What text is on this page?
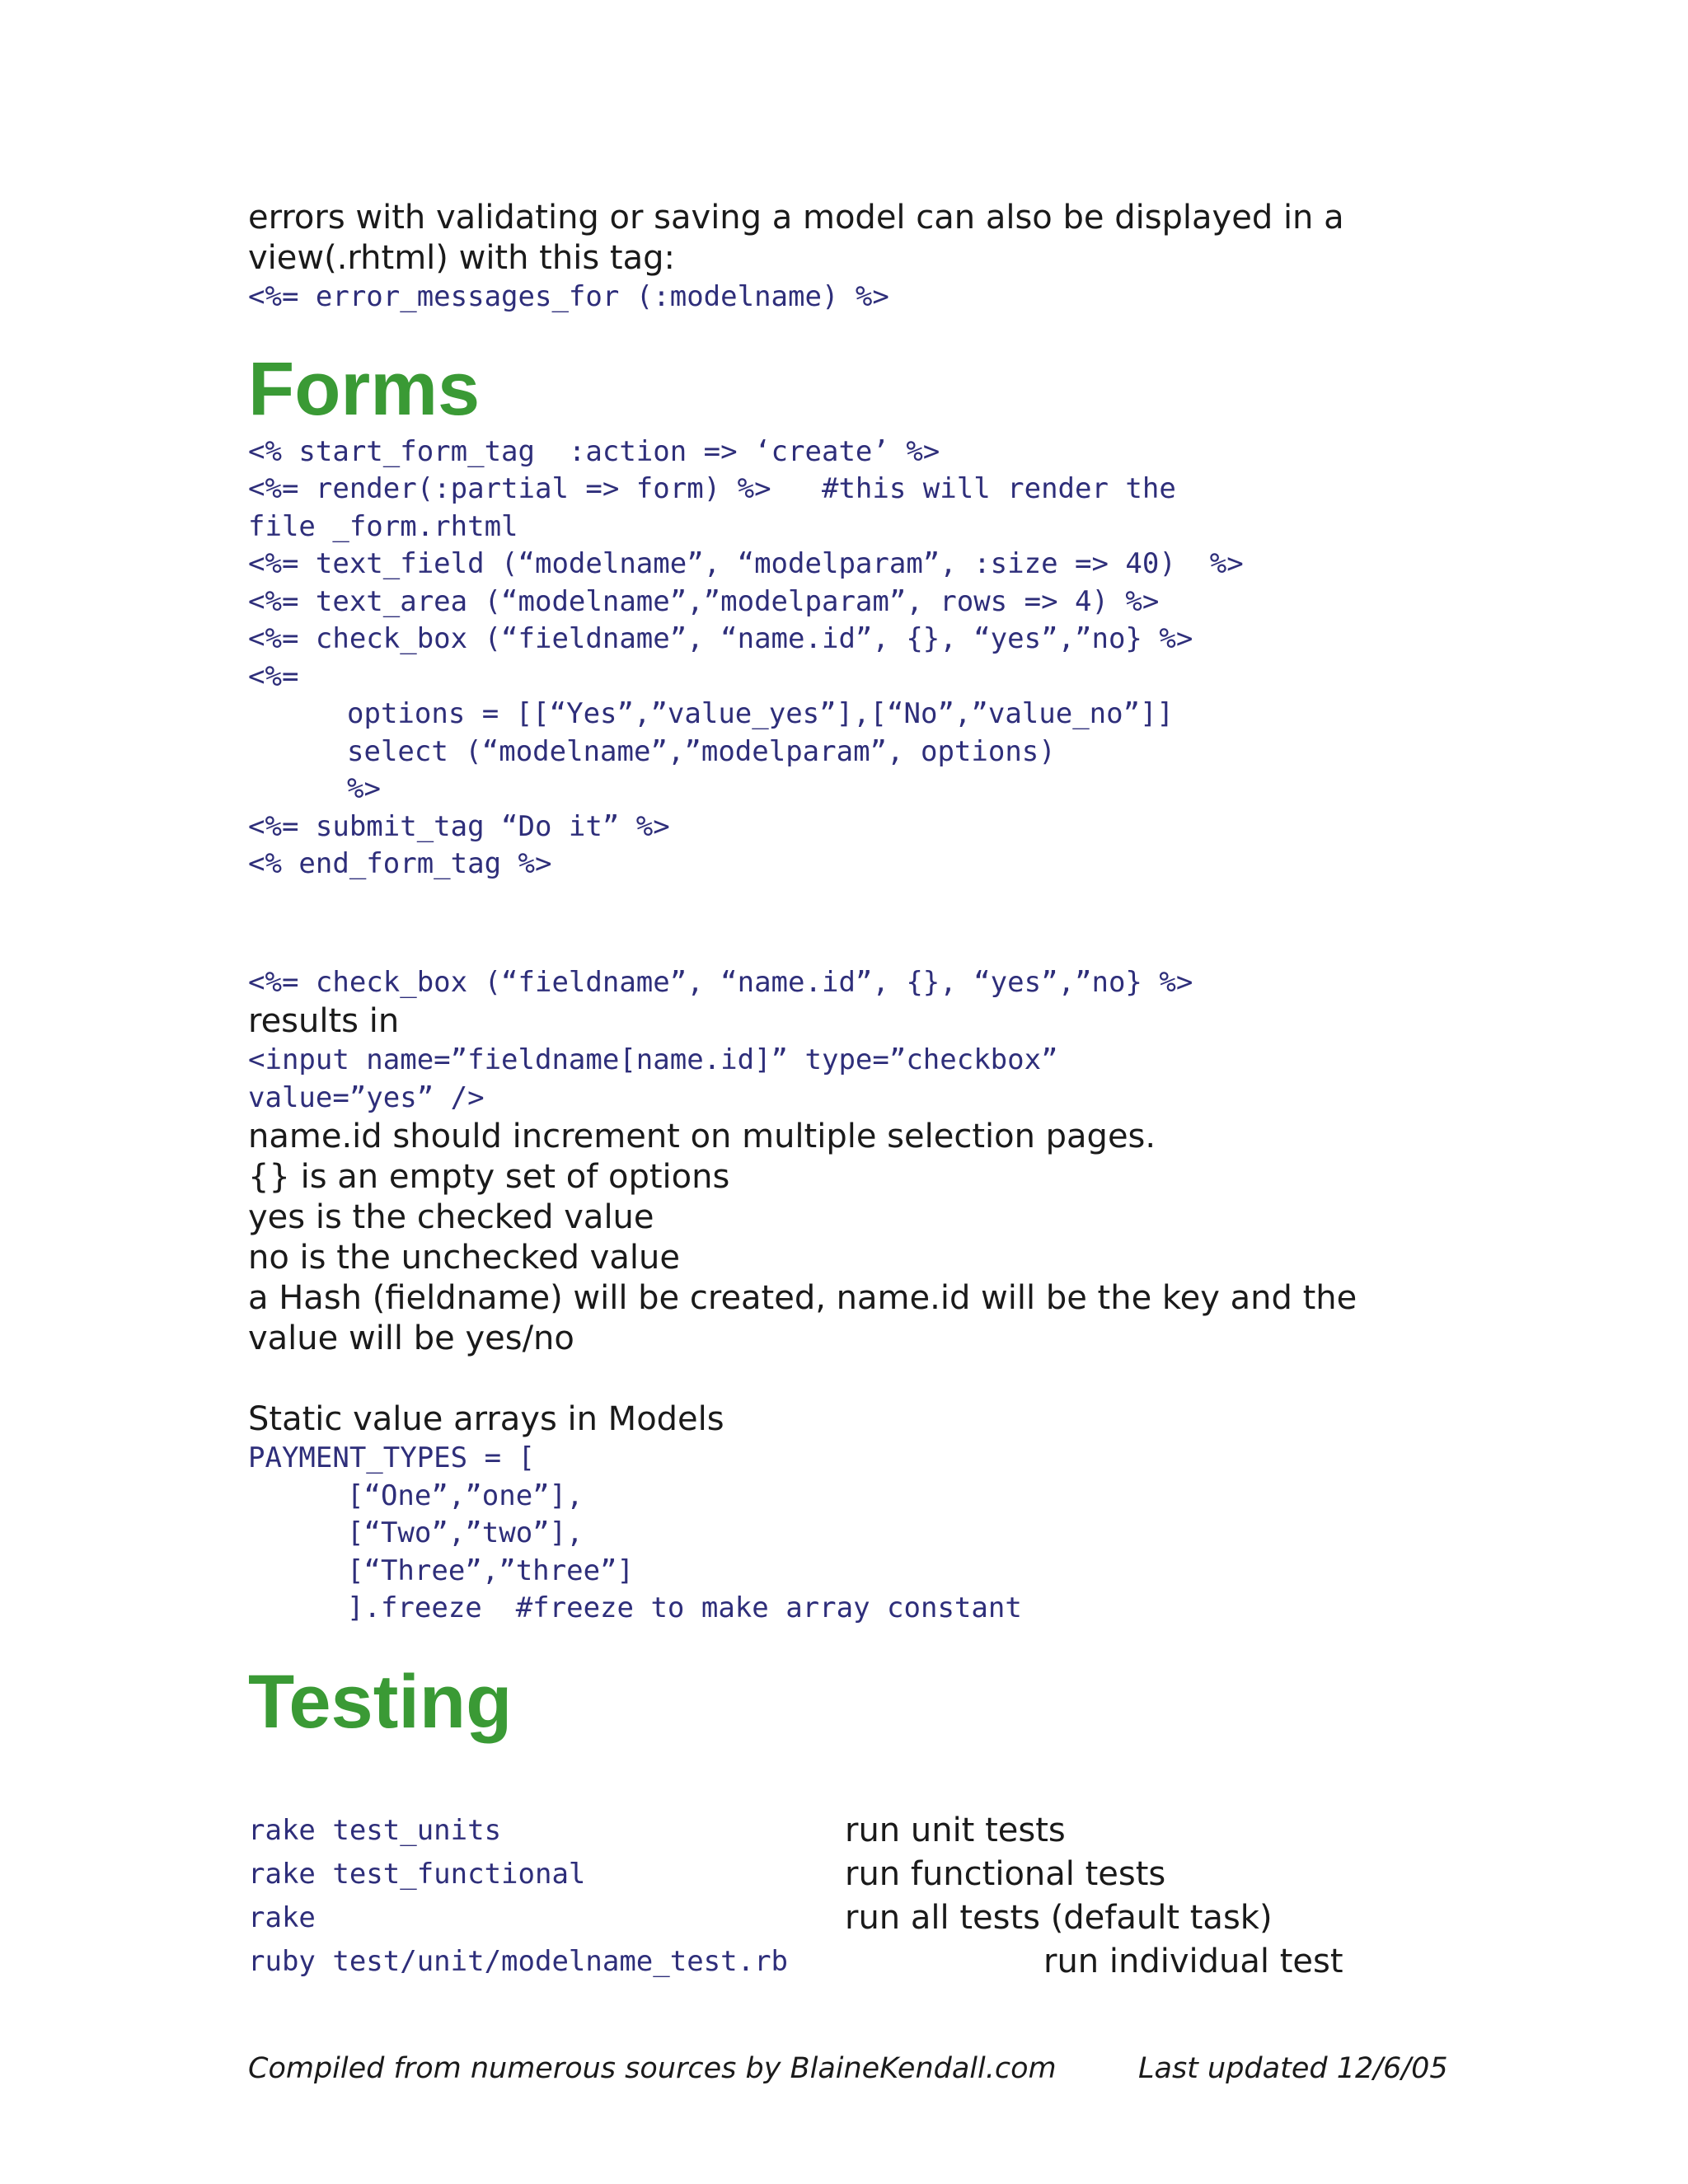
errors with validating or saving a model can also be displayed in a
view(.rhtml) with this tag:
<%= error_messages_for (:modelname) %>
Forms
<% start_form_tag  :action => ‘create’ %>
<%= render(:partial => form) %>   #this will render the
file _form.rhtml
<%= text_field (“modelname”, “modelparam”, :size => 40)  %>
<%= text_area (“modelname”,”modelparam”, rows => 4) %>
<%= check_box (“fieldname”, “name.id”, {}, “yes”,”no} %>
<%=
options = [[“Yes”,”value_yes”],[“No”,”value_no”]]
select (“modelname”,”modelparam”, options)
%>
<%= submit_tag “Do it” %>
<% end_form_tag %>
<%= check_box (“fieldname”, “name.id”, {}, “yes”,”no} %>
results in
<input name=”fieldname[name.id]” type=”checkbox”
value=”yes” />
name.id should increment on multiple selection pages.
{} is an empty set of options
yes is the checked value
no is the unchecked value
a Hash (fieldname) will be created, name.id will be the key and the
value will be yes/no
Static value arrays in Models
PAYMENT_TYPES = [
[“One”,”one”],
[“Two”,”two”],
[“Three”,”three”]
].freeze  #freeze to make array constant
Testing
rake test_units	run unit tests
rake test_functional	run functional tests
rake	run all tests (default task)
ruby test/unit/modelname_test.rb	run individual test
Compiled from numerous sources by BlaineKendall.com	Last updated 12/6/05
